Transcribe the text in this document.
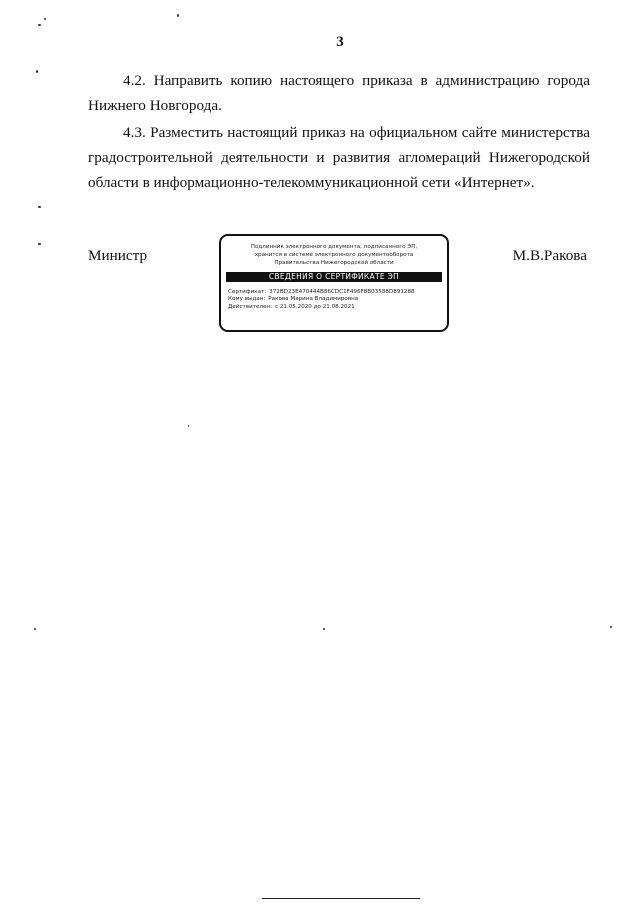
3
4.2. Направить копию настоящего приказа в администрацию города
Нижнего Новгорода.
4.3. Разместить настоящий приказ на официальном сайте министерства
градостроительной деятельности и развития агломераций Нижегородской
области в информационно-телекоммуникационной сети «Интернет».
Министр	Подлинник электронного документа, подписанного ЭП,
хранится в системе электронного документооборота
Правительства Нижегородской области
СВЕДЕНИЯ О СЕРТИФИКАТЕ ЭП
Сертификат: 372BD23E470444B86CDC1F496F8B03588D891288
Кому выдан: Ракова Марина Владимировна
Действителен: с 21.05.2020 до 21.08.2021
М.В.Ракова
